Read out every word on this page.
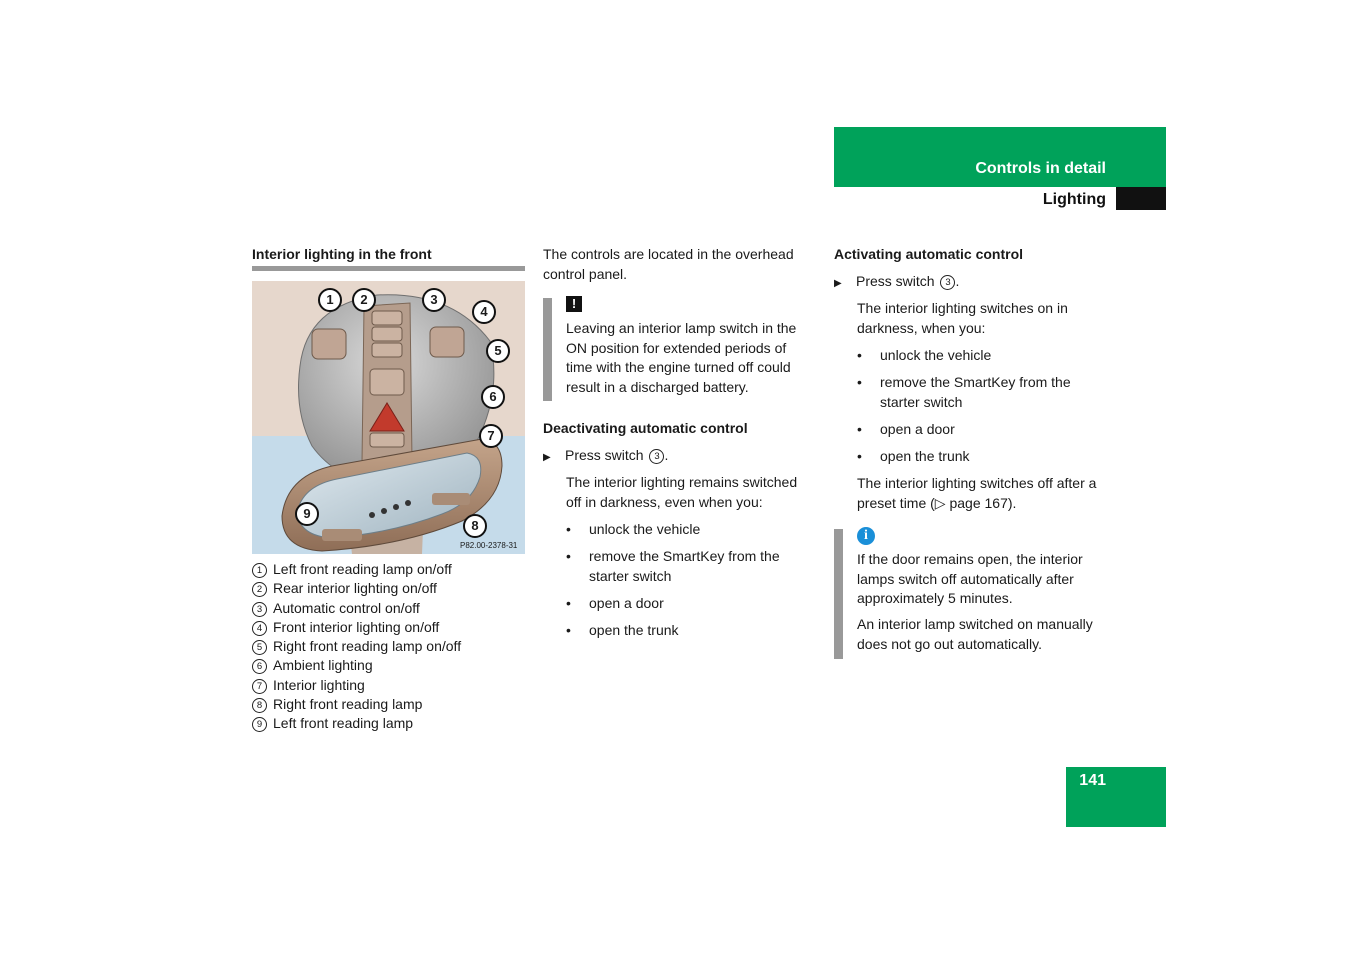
Controls in detail
Lighting
Interior lighting in the front
1	2	3
4
5
6
7
8
9
P82.00-2378-31
1 Left front reading lamp on/off
2 Rear interior lighting on/off
3 Automatic control on/off
4 Front interior lighting on/off
5 Right front reading lamp on/off
6 Ambient lighting
7 Interior lighting
8 Right front reading lamp
9 Left front reading lamp

The controls are located in the overhead control panel.

!

Leaving an interior lamp switch in the ON position for extended periods of time with the engine turned off could result in a discharged battery.

Deactivating automatic control
▶ Press switch 3 .

The interior lighting remains switched off in darkness, even when you:

• unlock the vehicle
• remove the SmartKey from the starter switch
• open a door
• open the trunk
Activating automatic control
▶ Press switch 3 .

The interior lighting switches on in darkness, when you:

• unlock the vehicle
• remove the SmartKey from the starter switch
• open a door
• open the trunk

The interior lighting switches off after a preset time (▷ page 167).

i

If the door remains open, the interior lamps switch off automatically after approximately 5 minutes.

An interior lamp switched on manually does not go out automatically.

141
